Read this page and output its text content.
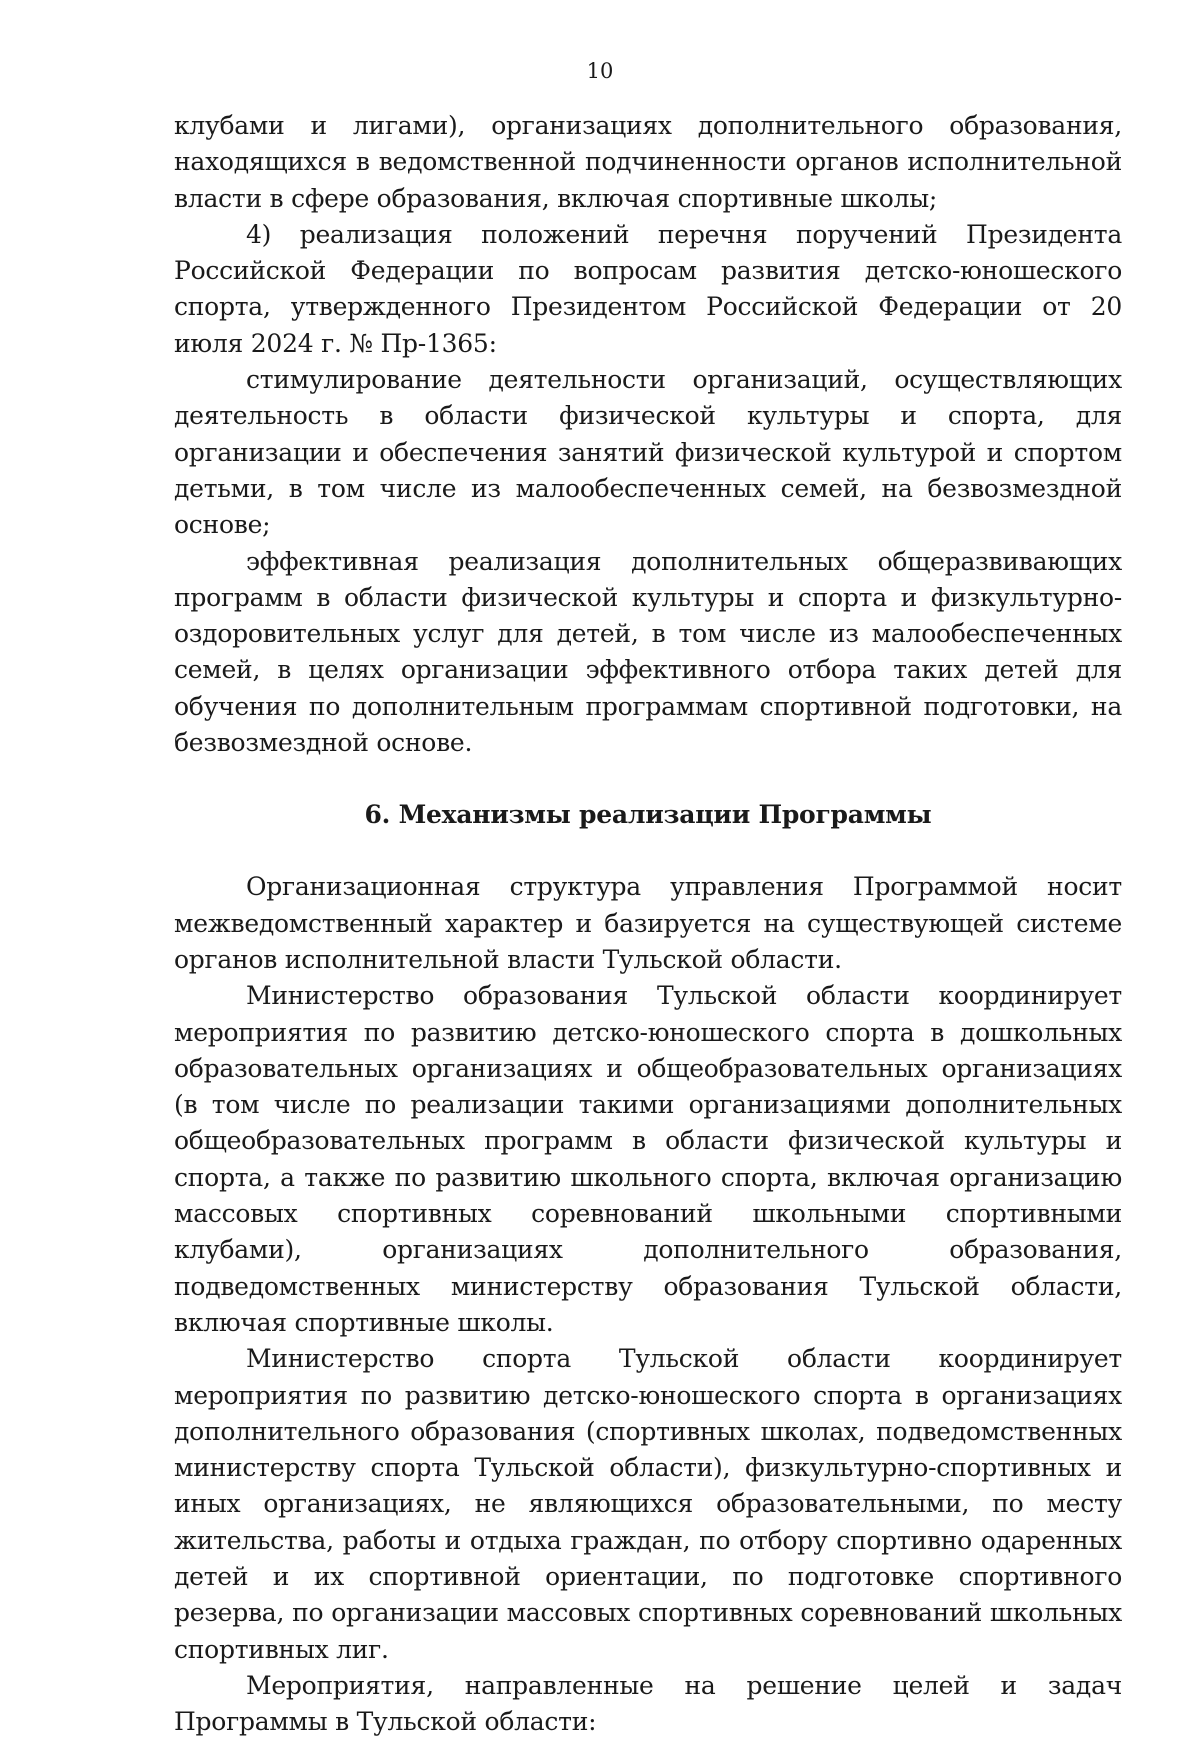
10

клубами и лигами), организациях дополнительного образования, находящихся в ведомственной подчиненности органов исполнительной власти в сфере образования, включая спортивные школы;

4) реализация положений перечня поручений Президента Российской Федерации по вопросам развития детско-юношеского спорта, утвержденного Президентом Российской Федерации от 20 июля 2024 г. № Пр-1365:

стимулирование деятельности организаций, осуществляющих деятельность в области физической культуры и спорта, для организации и обеспечения занятий физической культурой и спортом детьми, в том числе из малообеспеченных семей, на безвозмездной основе;

эффективная реализация дополнительных общеразвивающих программ в области физической культуры и спорта и физкультурно-оздоровительных услуг для детей, в том числе из малообеспеченных семей, в целях организации эффективного отбора таких детей для обучения по дополнительным программам спортивной подготовки, на безвозмездной основе.

6. Механизмы реализации Программы

Организационная структура управления Программой носит межведомственный характер и базируется на существующей системе органов исполнительной власти Тульской области.

Министерство образования Тульской области координирует мероприятия по развитию детско-юношеского спорта в дошкольных образовательных организациях и общеобразовательных организациях (в том числе по реализации такими организациями дополнительных общеобразовательных программ в области физической культуры и спорта, а также по развитию школьного спорта, включая организацию массовых спортивных соревнований школьными спортивными клубами), организациях дополнительного образования, подведомственных министерству образования Тульской области, включая спортивные школы.

Министерство спорта Тульской области координирует мероприятия по развитию детско-юношеского спорта в организациях дополнительного образования (спортивных школах, подведомственных министерству спорта Тульской области), физкультурно-спортивных и иных организациях, не являющихся образовательными, по месту жительства, работы и отдыха граждан, по отбору спортивно одаренных детей и их спортивной ориентации, по подготовке спортивного резерва, по организации массовых спортивных соревнований школьных спортивных лиг.

Мероприятия, направленные на решение целей и задач Программы в Тульской области:
